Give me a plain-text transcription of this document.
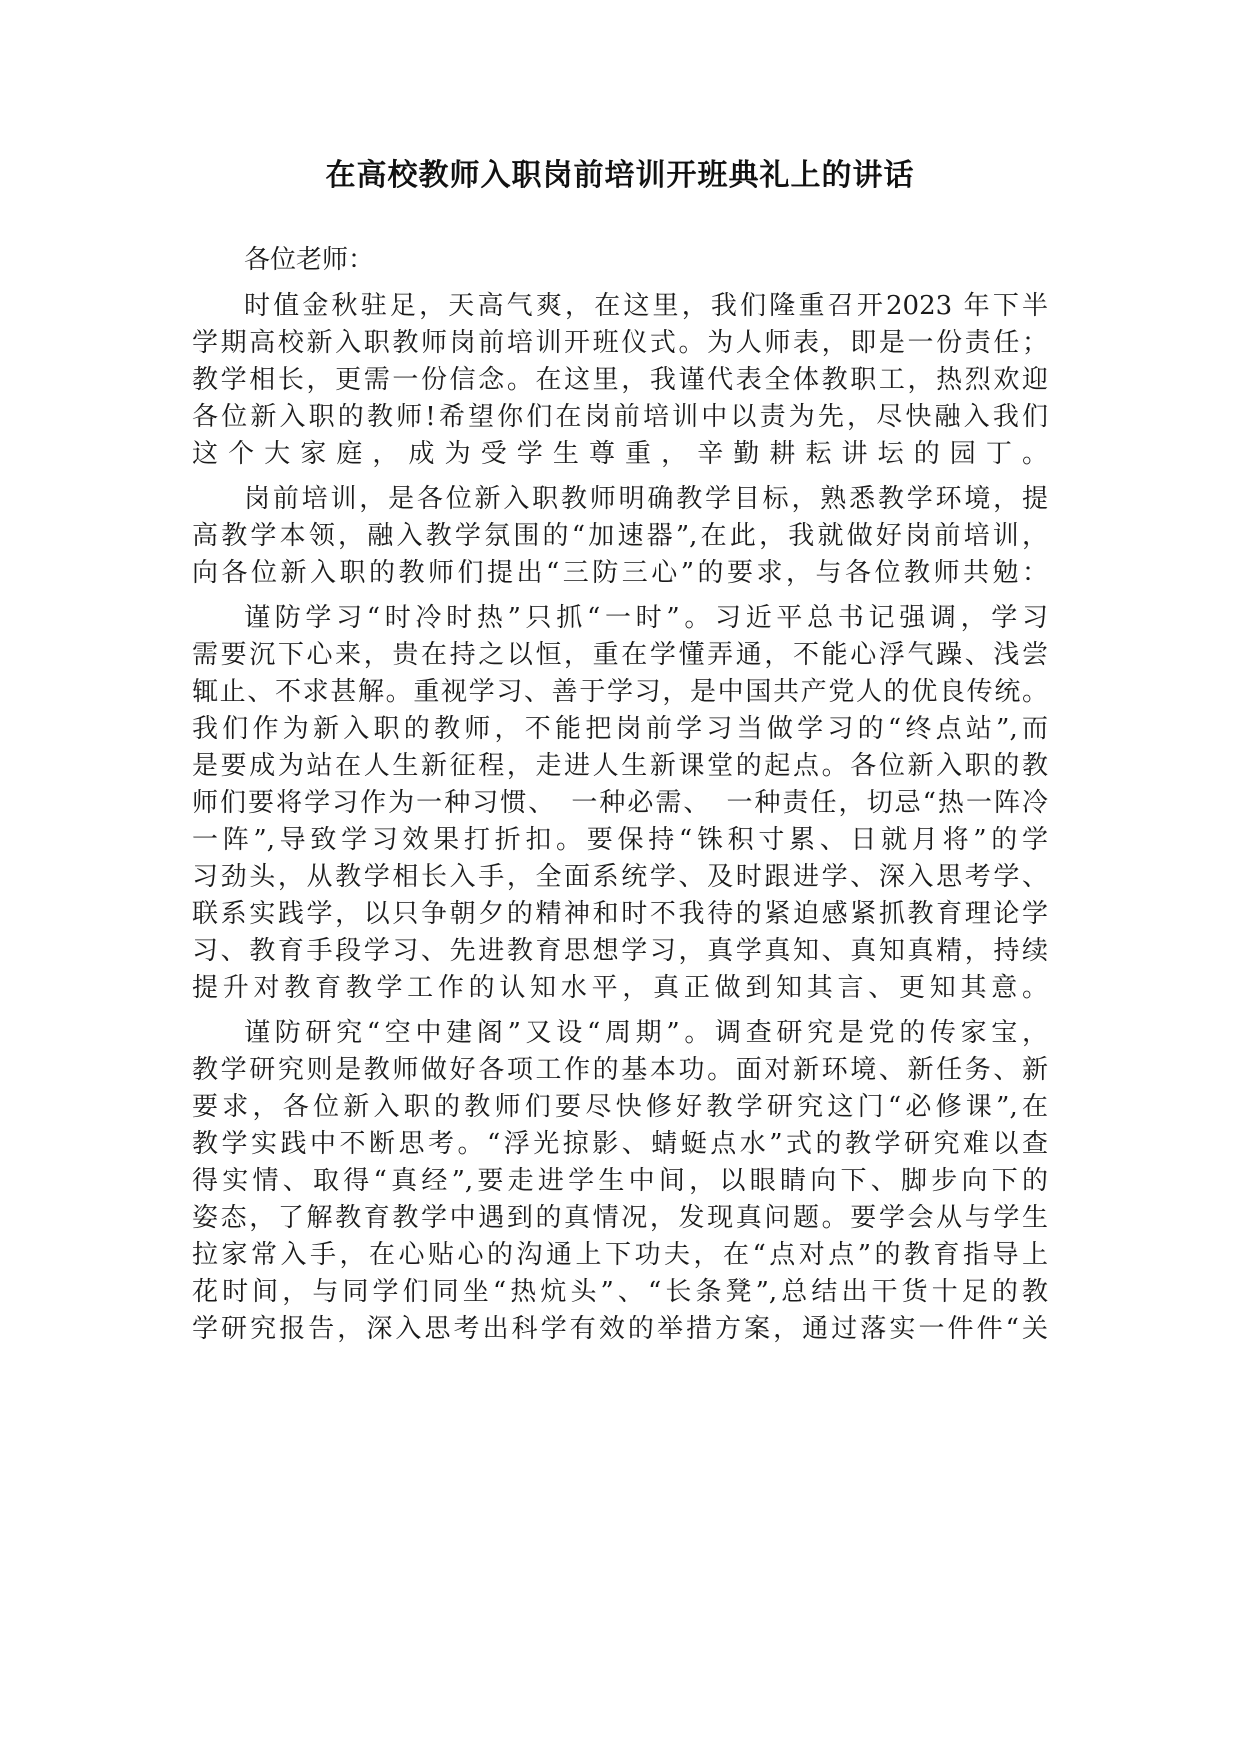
在高校教师入职岗前培训开班典礼上的讲话

各位老师：

时值金秋驻足，天高气爽，在这里，我们隆重召开2023 年下半
学期高校新入职教师岗前培训开班仪式。为人师表，即是一份责任；
教学相长，更需一份信念。在这里，我谨代表全体教职工，热烈欢迎
各位新入职的教师!希望你们在岗前培训中以责为先，尽快融入我们
这个大家庭，成为受学生尊重，辛勤耕耘讲坛的园丁。
岗前培训，是各位新入职教师明确教学目标，熟悉教学环境，提
高教学本领，融入教学氛围的“加速器”,在此，我就做好岗前培训，
向各位新入职的教师们提出“三防三心”的要求，与各位教师共勉：
谨防学习“时冷时热”只抓“一时”。习近平总书记强调，学习
需要沉下心来，贵在持之以恒，重在学懂弄通，不能心浮气躁、浅尝
辄止、不求甚解。重视学习、善于学习，是中国共产党人的优良传统。
我们作为新入职的教师，不能把岗前学习当做学习的“终点站”,而
是要成为站在人生新征程，走进人生新课堂的起点。各位新入职的教
师们要将学习作为一种习惯、　一种必需、　一种责任，切忌“热一阵冷
一阵”,导致学习效果打折扣。要保持“铢积寸累、日就月将”的学
习劲头，从教学相长入手，全面系统学、及时跟进学、深入思考学、
联系实践学，以只争朝夕的精神和时不我待的紧迫感紧抓教育理论学
习、教育手段学习、先进教育思想学习，真学真知、真知真精，持续
提升对教育教学工作的认知水平，真正做到知其言、更知其意。
谨防研究“空中建阁”又设“周期”。调查研究是党的传家宝，
教学研究则是教师做好各项工作的基本功。面对新环境、新任务、新
要求，各位新入职的教师们要尽快修好教学研究这门“必修课”,在
教学实践中不断思考。“浮光掠影、蜻蜓点水”式的教学研究难以查
得实情、取得“真经”,要走进学生中间，以眼睛向下、脚步向下的
姿态，了解教育教学中遇到的真情况，发现真问题。要学会从与学生
拉家常入手，在心贴心的沟通上下功夫，在“点对点”的教育指导上
花时间，与同学们同坐“热炕头”、“长条凳”,总结出干货十足的教
学研究报告，深入思考出科学有效的举措方案，通过落实一件件“关
